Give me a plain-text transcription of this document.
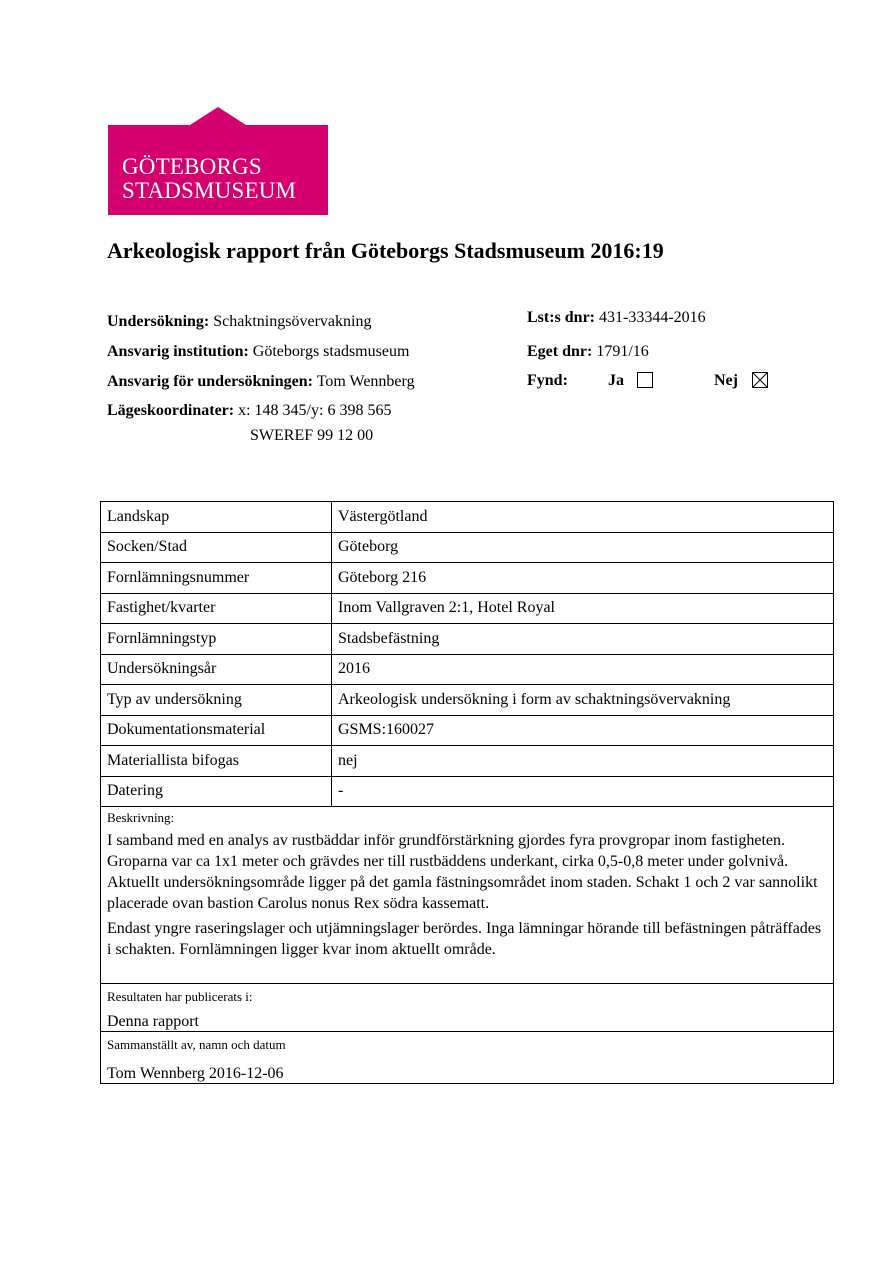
GÖTEBORGS
STADSMUSEUM
Arkeologisk rapport från Göteborgs Stadsmuseum 2016:19
Undersökning: Schaktningsövervakning
Ansvarig institution: Göteborgs stadsmuseum
Ansvarig för undersökningen: Tom Wennberg
Lägeskoordinater: x: 148 345/y: 6 398 565
SWEREF 99 12 00
Lst:s dnr: 431-33344-2016
Eget dnr: 1791/16
Fynd:	Ja	Nej
Landskap	Västergötland
Socken/Stad	Göteborg
Fornlämningsnummer	Göteborg 216
Fastighet/kvarter	Inom Vallgraven 2:1, Hotel Royal
Fornlämningstyp	Stadsbefästning
Undersökningsår	2016
Typ av undersökning	Arkeologisk undersökning i form av schaktningsövervakning
Dokumentationsmaterial	GSMS:160027
Materiallista bifogas	nej
Datering	-
Beskrivning:

I samband med en analys av rustbäddar inför grundförstärkning gjordes fyra provgropar inom fastigheten. Groparna var ca 1x1 meter och grävdes ner till rustbäddens underkant, cirka 0,5-0,8 meter under golvnivå. Aktuellt undersökningsområde ligger på det gamla fästningsområdet inom staden. Schakt 1 och 2 var sannolikt placerade ovan bastion Carolus nonus Rex södra kassematt.

Endast yngre raseringslager och utjämningslager berördes. Inga lämningar hörande till befästningen påträffades i schakten. Fornlämningen ligger kvar inom aktuellt område.

Resultaten har publicerats i:
Denna rapport
Sammanställt av, namn och datum
Tom Wennberg 2016-12-06
